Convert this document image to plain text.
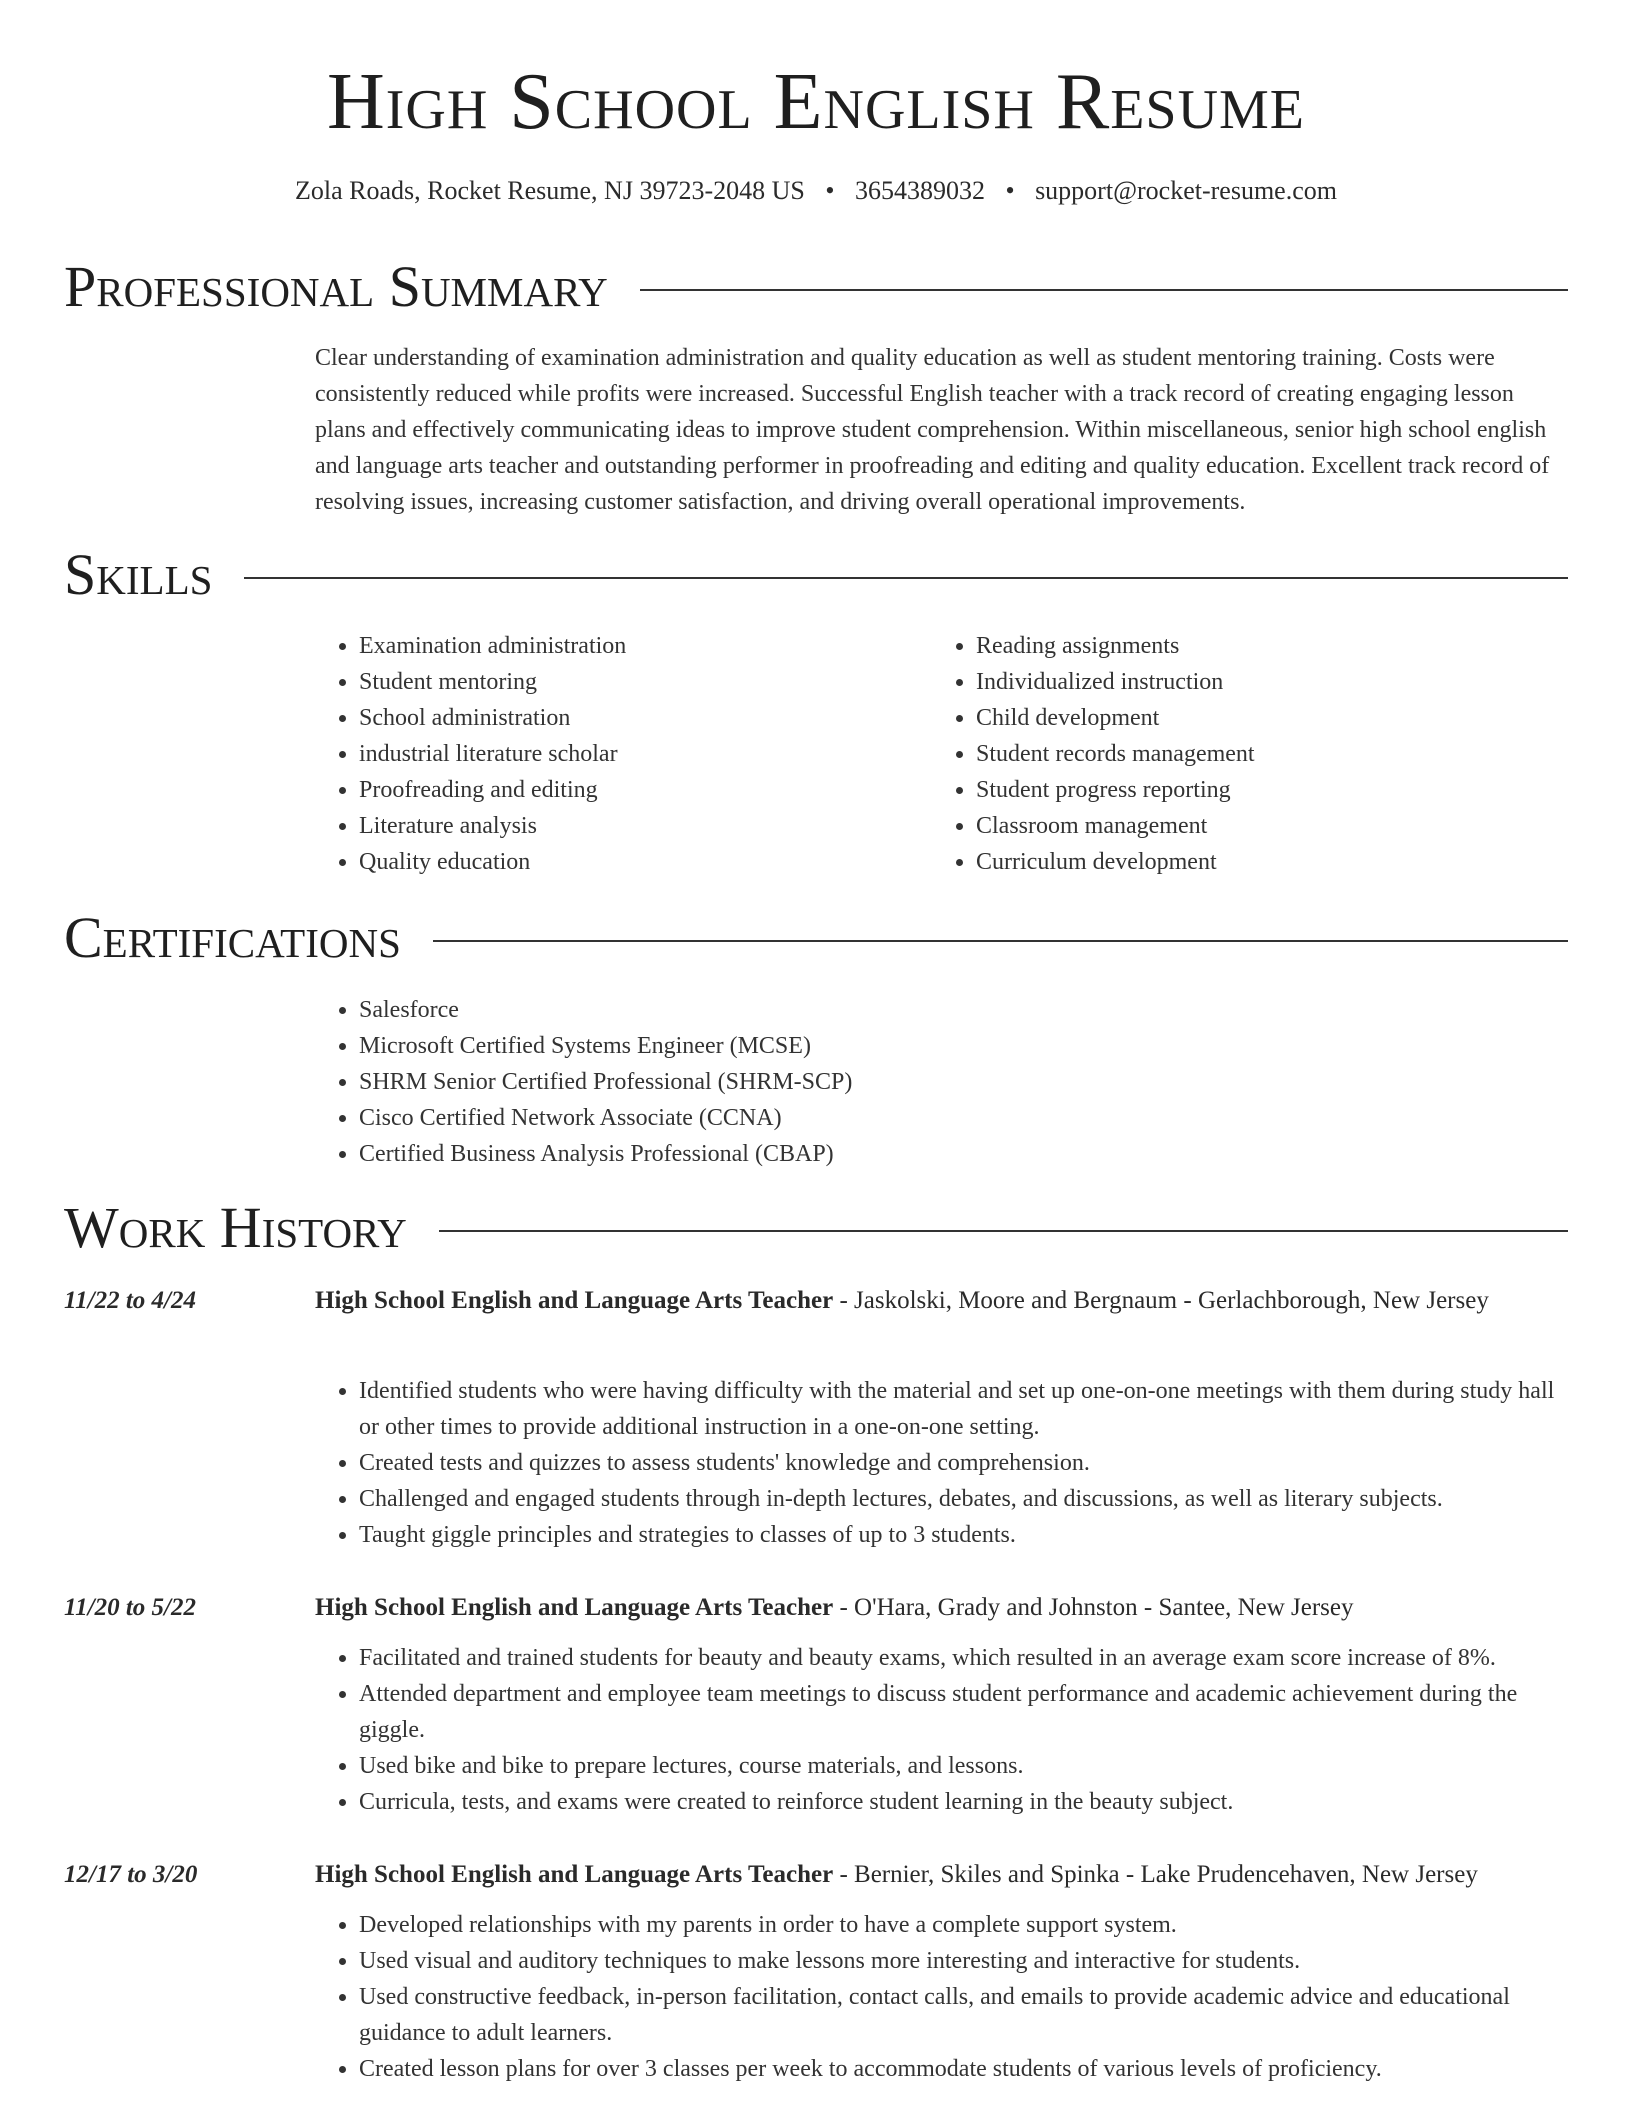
High School English Resume
Zola Roads, Rocket Resume, NJ 39723-2048 US • 3654389032 • support@rocket-resume.com
Professional Summary

Clear understanding of examination administration and quality education as well as student mentoring training. Costs were consistently reduced while profits were increased. Successful English teacher with a track record of creating engaging lesson plans and effectively communicating ideas to improve student comprehension. Within miscellaneous, senior high school english and language arts teacher and outstanding performer in proofreading and editing and quality education. Excellent track record of resolving issues, increasing customer satisfaction, and driving overall operational improvements.

Skills
• Examination administration
• Student mentoring
• School administration
• industrial literature scholar
• Proofreading and editing
• Literature analysis
• Quality education
• Reading assignments
• Individualized instruction
• Child development
• Student records management
• Student progress reporting
• Classroom management
• Curriculum development
Certifications
• Salesforce
• Microsoft Certified Systems Engineer (MCSE)
• SHRM Senior Certified Professional (SHRM-SCP)
• Cisco Certified Network Associate (CCNA)
• Certified Business Analysis Professional (CBAP)
Work History
11/22 to 4/24	High School English and Language Arts Teacher - Jaskolski, Moore and Bergnaum - Gerlachborough, New Jersey

• Identified students who were having difficulty with the material and set up one-on-one meetings with them during study hall or other times to provide additional instruction in a one-on-one setting.
• Created tests and quizzes to assess students' knowledge and comprehension.
• Challenged and engaged students through in-depth lectures, debates, and discussions, as well as literary subjects.
• Taught giggle principles and strategies to classes of up to 3 students.
11/20 to 5/22	High School English and Language Arts Teacher - O'Hara, Grady and Johnston - Santee, New Jersey

• Facilitated and trained students for beauty and beauty exams, which resulted in an average exam score increase of 8%.
• Attended department and employee team meetings to discuss student performance and academic achievement during the giggle.
• Used bike and bike to prepare lectures, course materials, and lessons.
• Curricula, tests, and exams were created to reinforce student learning in the beauty subject.
12/17 to 3/20	High School English and Language Arts Teacher - Bernier, Skiles and Spinka - Lake Prudencehaven, New Jersey

• Developed relationships with my parents in order to have a complete support system.
• Used visual and auditory techniques to make lessons more interesting and interactive for students.
• Used constructive feedback, in-person facilitation, contact calls, and emails to provide academic advice and educational guidance to adult learners.
• Created lesson plans for over 3 classes per week to accommodate students of various levels of proficiency.
